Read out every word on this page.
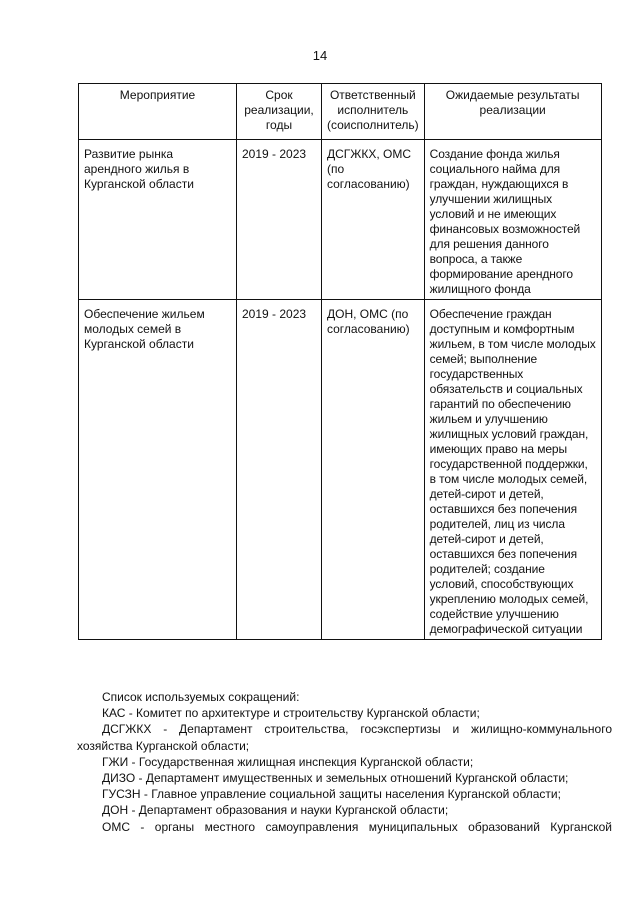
14
Мероприятие	Срок реализации, годы	Ответственный исполнитель (соисполнитель)	Ожидаемые результаты реализации
Развитие рынка арендного жилья в Курганской области	2019 - 2023	ДСГЖКХ, ОМС (по согласованию)	Создание фонда жилья социального найма для граждан, нуждающихся в улучшении жилищных условий и не имеющих финансовых возможностей для решения данного вопроса, а также формирование арендного жилищного фонда
Обеспечение жильем молодых семей в Курганской области	2019 - 2023	ДОН, ОМС (по согласованию)	Обеспечение граждан доступным и комфортным жильем, в том числе молодых семей; выполнение государственных обязательств и социальных гарантий по обеспечению жильем и улучшению жилищных условий граждан, имеющих право на меры государственной поддержки, в том числе молодых семей, детей-сирот и детей, оставшихся без попечения родителей, лиц из числа детей-сирот и детей, оставшихся без попечения родителей; создание условий, способствующих укреплению молодых семей, содействие улучшению демографической ситуации

Список используемых сокращений:

КАС - Комитет по архитектуре и строительству Курганской области;

ДСГЖКХ - Департамент строительства, госэкспертизы и жилищно-коммунального хозяйства Курганской области;

ГЖИ - Государственная жилищная инспекция Курганской области;

ДИЗО - Департамент имущественных и земельных отношений Курганской области;

ГУСЗН - Главное управление социальной защиты населения Курганской области;

ДОН - Департамент образования и науки Курганской области;

ОМС - органы местного самоуправления муниципальных образований Курганской
